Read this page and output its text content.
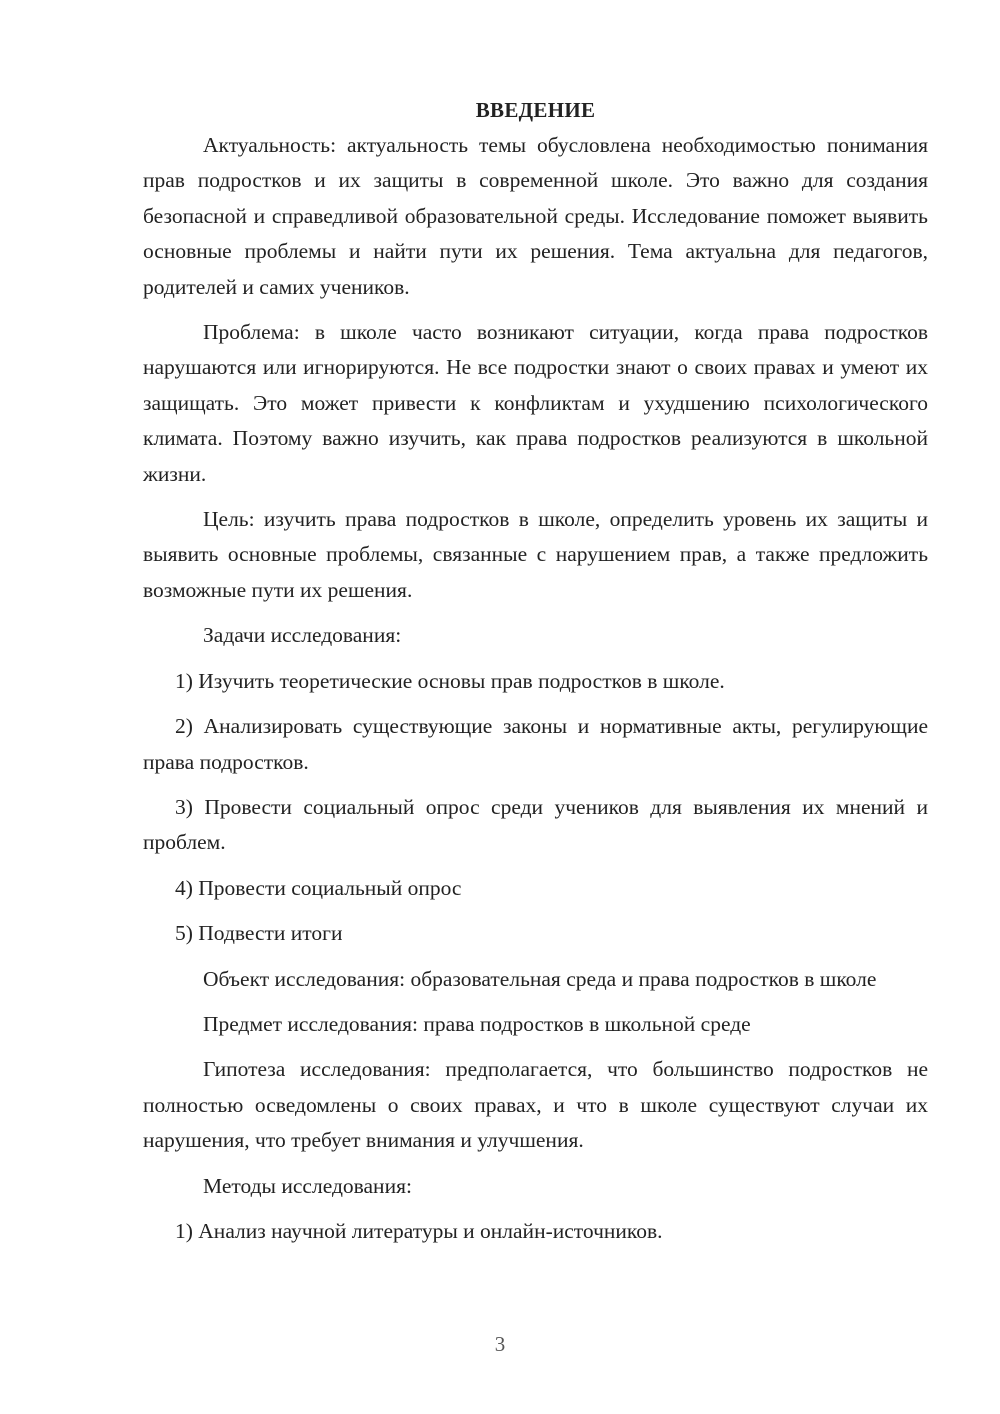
ВВЕДЕНИЕ

Актуальность: актуальность темы обусловлена необходимостью понимания прав подростков и их защиты в современной школе. Это важно для создания безопасной и справедливой образовательной среды. Исследование поможет выявить основные проблемы и найти пути их решения. Тема актуальна для педагогов, родителей и самих учеников.

Проблема: в школе часто возникают ситуации, когда права подростков нарушаются или игнорируются. Не все подростки знают о своих правах и умеют их защищать. Это может привести к конфликтам и ухудшению психологического климата. Поэтому важно изучить, как права подростков реализуются в школьной жизни.

Цель: изучить права подростков в школе, определить уровень их защиты и выявить основные проблемы, связанные с нарушением прав, а также предложить возможные пути их решения.

Задачи исследования:

1) Изучить теоретические основы прав подростков в школе.

2) Анализировать существующие законы и нормативные акты, регулирующие права подростков.

3) Провести социальный опрос среди учеников для выявления их мнений и проблем.

4) Провести социальный опрос

5) Подвести итоги

Объект исследования: образовательная среда и права подростков в школе

Предмет исследования: права подростков в школьной среде

Гипотеза исследования: предполагается, что большинство подростков не полностью осведомлены о своих правах, и что в школе существуют случаи их нарушения, что требует внимания и улучшения.

Методы исследования:

1) Анализ научной литературы и онлайн-источников.

3
